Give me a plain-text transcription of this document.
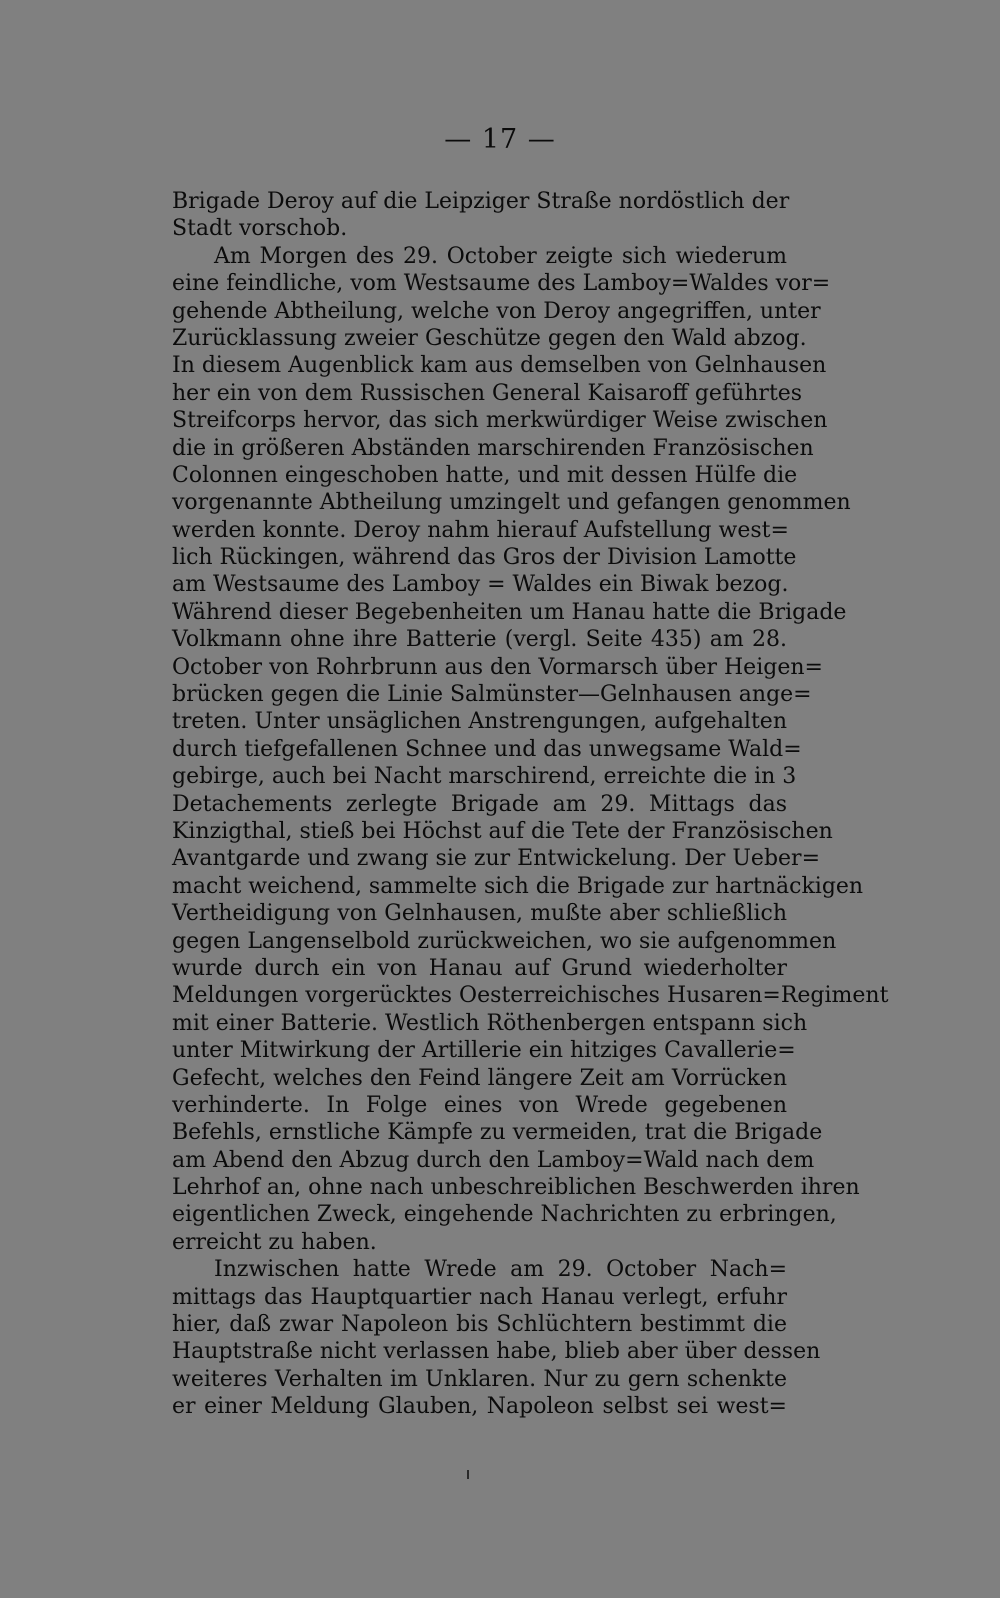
— 17 —
Brigade Deroy auf die Leipziger Straße nordöstlich der
Stadt vorschob.
Am Morgen des 29. October zeigte sich wiederum
eine feindliche, vom Westsaume des Lamboy=Waldes vor=
gehende Abtheilung, welche von Deroy angegriffen, unter
Zurücklassung zweier Geschütze gegen den Wald abzog.
In diesem Augenblick kam aus demselben von Gelnhausen
her ein von dem Russischen General Kaisaroff geführtes
Streifcorps hervor, das sich merkwürdiger Weise zwischen
die in größeren Abständen marschirenden Französischen
Colonnen eingeschoben hatte, und mit dessen Hülfe die
vorgenannte Abtheilung umzingelt und gefangen genommen
werden konnte. Deroy nahm hierauf Aufstellung west=
lich Rückingen, während das Gros der Division Lamotte
am Westsaume des Lamboy = Waldes ein Biwak bezog.
Während dieser Begebenheiten um Hanau hatte die Brigade
Volkmann ohne ihre Batterie (vergl. Seite 435) am 28.
October von Rohrbrunn aus den Vormarsch über Heigen=
brücken gegen die Linie Salmünster—Gelnhausen ange=
treten. Unter unsäglichen Anstrengungen, aufgehalten
durch tiefgefallenen Schnee und das unwegsame Wald=
gebirge, auch bei Nacht marschirend, erreichte die in 3
Detachements zerlegte Brigade am 29. Mittags das
Kinzigthal, stieß bei Höchst auf die Tete der Französischen
Avantgarde und zwang sie zur Entwickelung. Der Ueber=
macht weichend, sammelte sich die Brigade zur hartnäckigen
Vertheidigung von Gelnhausen, mußte aber schließlich
gegen Langenselbold zurückweichen, wo sie aufgenommen
wurde durch ein von Hanau auf Grund wiederholter
Meldungen vorgerücktes Oesterreichisches Husaren=Regiment
mit einer Batterie. Westlich Röthenbergen entspann sich
unter Mitwirkung der Artillerie ein hitziges Cavallerie=
Gefecht, welches den Feind längere Zeit am Vorrücken
verhinderte. In Folge eines von Wrede gegebenen
Befehls, ernstliche Kämpfe zu vermeiden, trat die Brigade
am Abend den Abzug durch den Lamboy=Wald nach dem
Lehrhof an, ohne nach unbeschreiblichen Beschwerden ihren
eigentlichen Zweck, eingehende Nachrichten zu erbringen,
erreicht zu haben.
Inzwischen hatte Wrede am 29. October Nach=
mittags das Hauptquartier nach Hanau verlegt, erfuhr
hier, daß zwar Napoleon bis Schlüchtern bestimmt die
Hauptstraße nicht verlassen habe, blieb aber über dessen
weiteres Verhalten im Unklaren. Nur zu gern schenkte
er einer Meldung Glauben, Napoleon selbst sei west=
